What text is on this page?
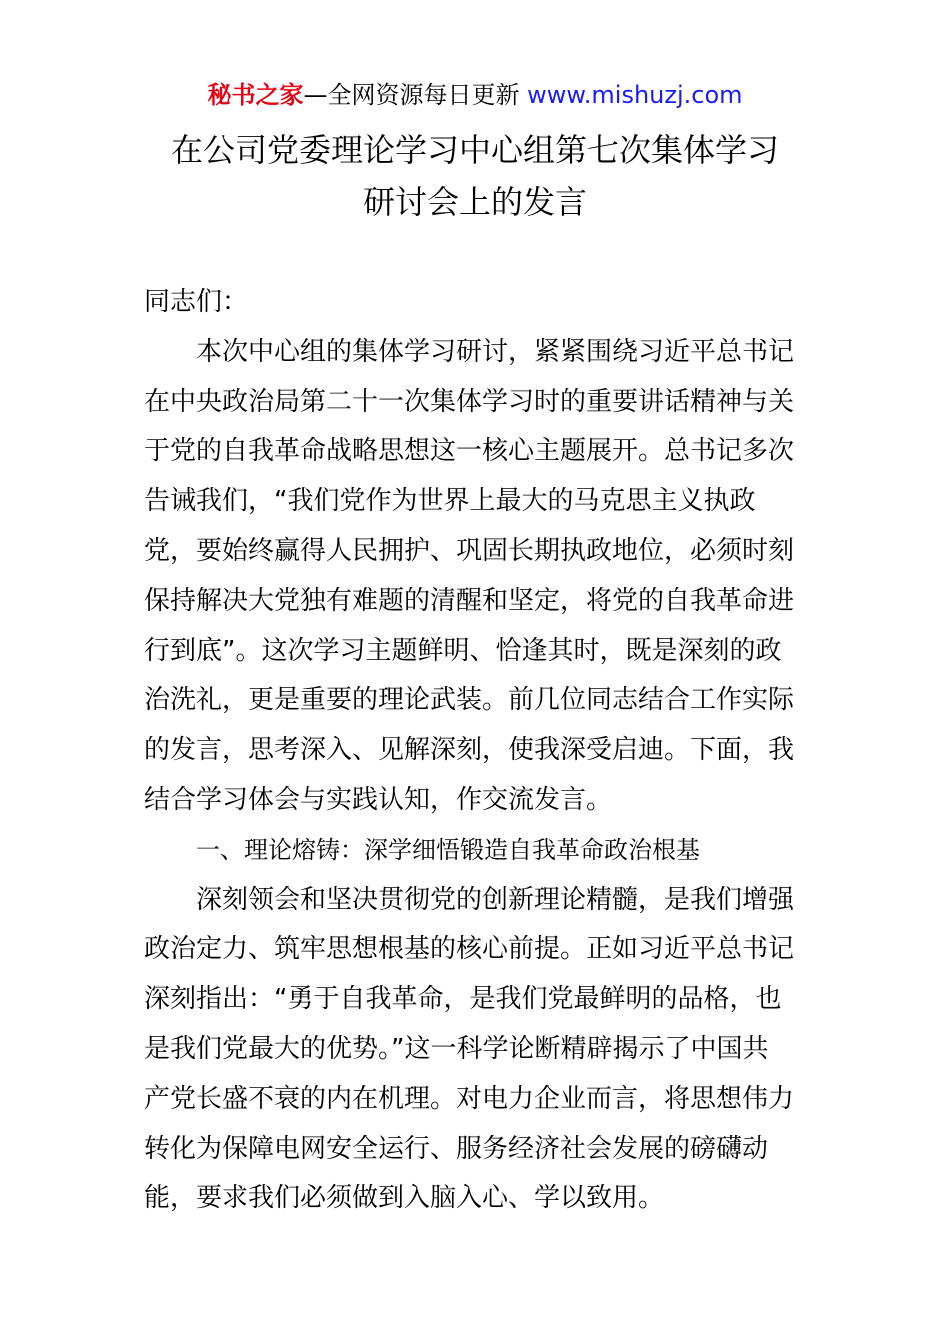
秘书之家—全网资源每日更新 www.mishuzj.com
在公司党委理论学习中心组第七次集体学习
研讨会上的发言
同志们：
本次中心组的集体学习研讨，紧紧围绕习近平总书记
在中央政治局第二十一次集体学习时的重要讲话精神与关
于党的自我革命战略思想这一核心主题展开。总书记多次
告诫我们，“我们党作为世界上最大的马克思主义执政
党，要始终赢得人民拥护、巩固长期执政地位，必须时刻
保持解决大党独有难题的清醒和坚定，将党的自我革命进
行到底”。这次学习主题鲜明、恰逢其时，既是深刻的政
治洗礼，更是重要的理论武装。前几位同志结合工作实际
的发言，思考深入、见解深刻，使我深受启迪。下面，我
结合学习体会与实践认知，作交流发言。
一、理论熔铸：深学细悟锻造自我革命政治根基
深刻领会和坚决贯彻党的创新理论精髓，是我们增强
政治定力、筑牢思想根基的核心前提。正如习近平总书记
深刻指出：“勇于自我革命，是我们党最鲜明的品格，也
是我们党最大的优势。”这一科学论断精辟揭示了中国共
产党长盛不衰的内在机理。对电力企业而言，将思想伟力
转化为保障电网安全运行、服务经济社会发展的磅礴动
能，要求我们必须做到入脑入心、学以致用。
